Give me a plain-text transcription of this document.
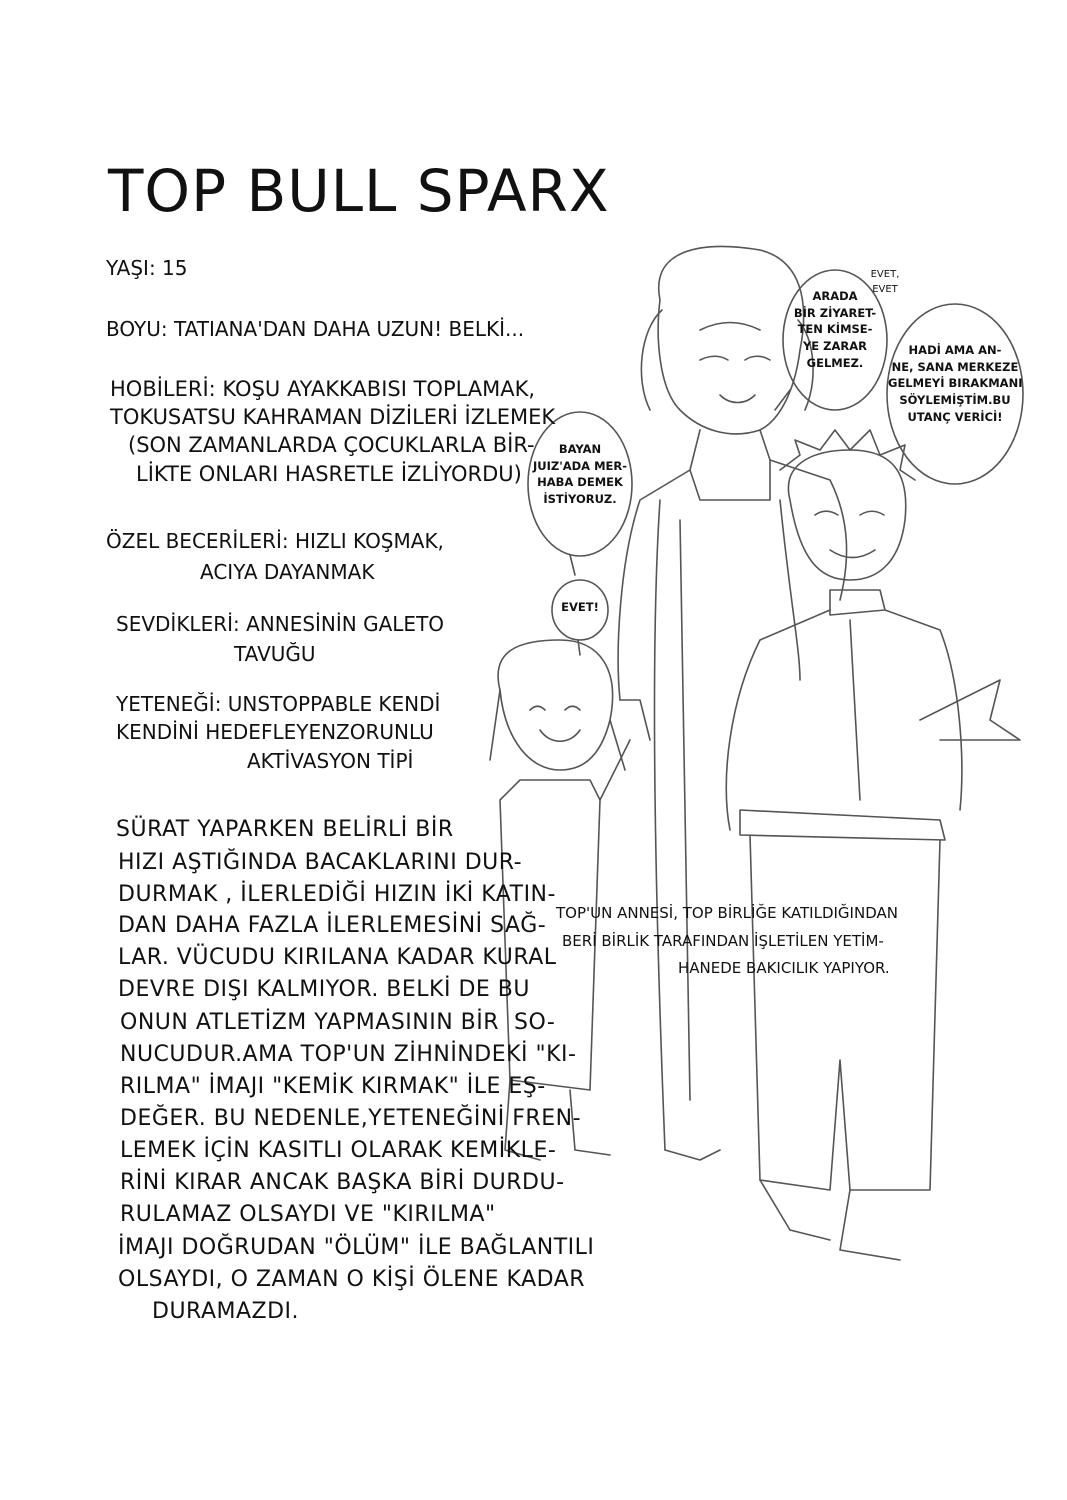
TOP BULL SPARX
YAŞI: 15
BOYU: TATIANA'DAN DAHA UZUN! BELKİ...
HOBİLERİ: KOŞU AYAKKABISI TOPLAMAK,
TOKUSATSU KAHRAMAN DİZİLERİ İZLEMEK
(SON ZAMANLARDA ÇOCUKLARLA BİR-
LİKTE ONLARI HASRETLE İZLİYORDU)
ÖZEL BECERİLERİ: HIZLI KOŞMAK,
ACIYA DAYANMAK
SEVDİKLERİ: ANNESİNİN GALETO
TAVUĞU
YETENEĞİ: UNSTOPPABLE KENDİ
KENDİNİ HEDEFLEYENZORUNLU
AKTİVASYON TİPİ
SÜRAT YAPARKEN BELİRLİ BİR
HIZI AŞTIĞINDA BACAKLARINI DUR-
DURMAK , İLERLEDİĞİ HIZIN İKİ KATIN-
DAN DAHA FAZLA İLERLEMESİNİ SAĞ-
LAR. VÜCUDU KIRILANA KADAR KURAL
DEVRE DIŞI KALMIYOR. BELKİ DE BU
ONUN ATLETİZM YAPMASININ BİR  SO-
NUCUDUR.AMA TOP'UN ZİHNİNDEKİ "KI-
RILMA" İMAJI "KEMİK KIRMAK" İLE EŞ-
DEĞER. BU NEDENLE,YETENEĞİNİ FREN-
LEMEK İÇİN KASITLI OLARAK KEMİKLE-
RİNİ KIRAR ANCAK BAŞKA BİRİ DURDU-
RULAMAZ OLSAYDI VE "KIRILMA"
İMAJI DOĞRUDAN "ÖLÜM" İLE BAĞLANTILI
OLSAYDI, O ZAMAN O KİŞİ ÖLENE KADAR
DURAMAZDI.
TOP'UN ANNESİ, TOP BİRLİĞE KATILDIĞINDAN
BERİ BİRLİK TARAFINDAN İŞLETİLEN YETİM-
HANEDE BAKICILIK YAPIYOR.
BAYAN
JUIZ'ADA MER-
HABA DEMEK
İSTİYORUZ.
EVET!
ARADA
BİR ZİYARET-
TEN KİMSE-
YE ZARAR
GELMEZ.
EVET,
EVET
HADİ AMA AN-
NE, SANA MERKEZE
GELMEYİ BIRAKMANI
SÖYLEMİŞTİM.BU
UTANÇ VERİCİ!
